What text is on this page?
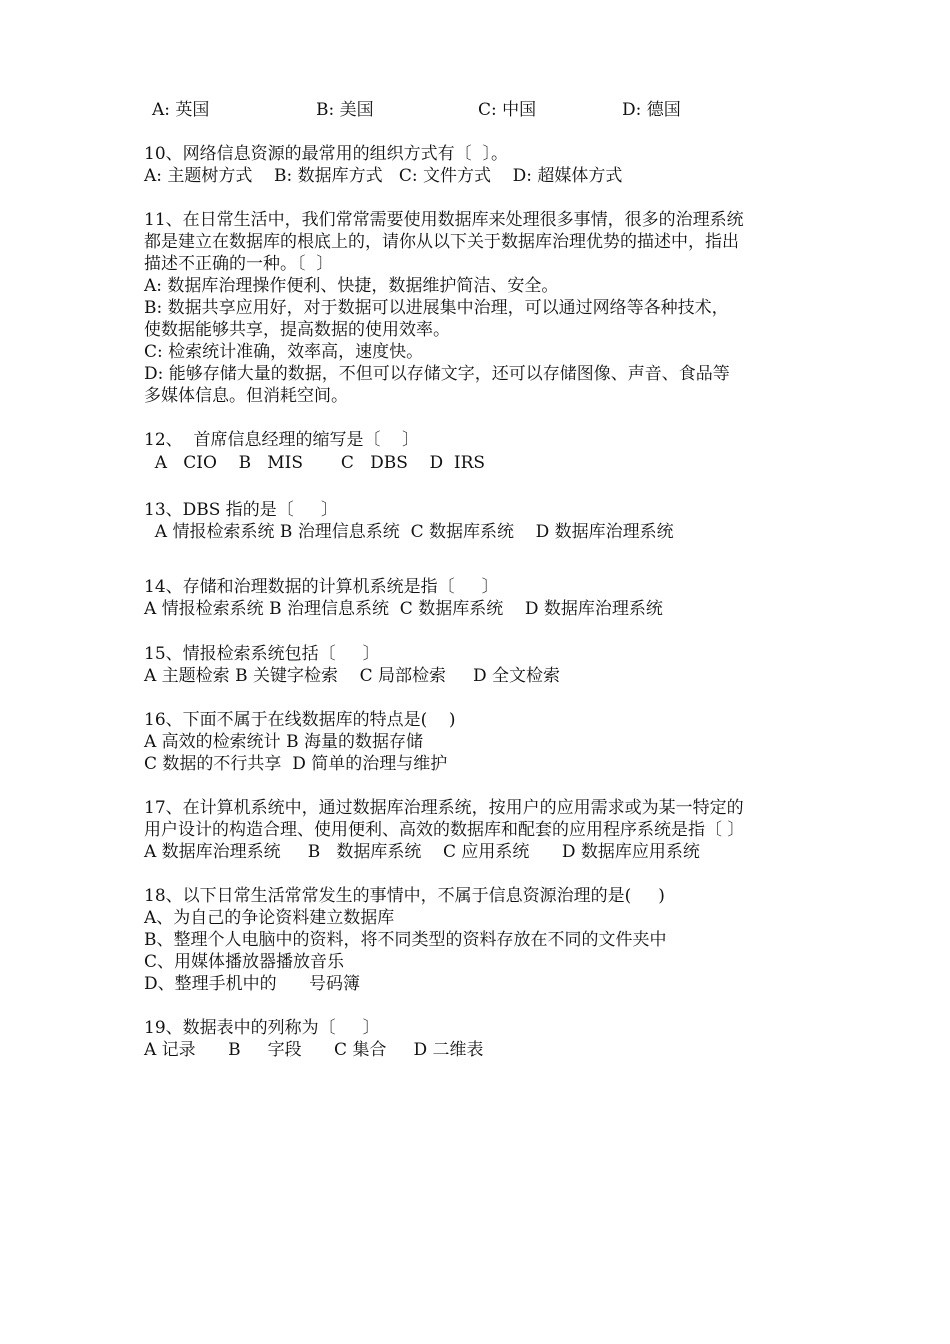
A: 英国	B: 美国	C: 中国	D: 德国
10、网络信息资源的最常用的组织方式有〔  〕。
A: 主题树方式    B: 数据库方式   C: 文件方式    D: 超媒体方式
11、在日常生活中，我们常常需要使用数据库来处理很多事情，很多的治理系统
都是建立在数据库的根底上的，请你从以下关于数据库治理优势的描述中，指出
描述不正确的一种。〔  〕
A: 数据库治理操作便利、快捷，数据维护简洁、安全。
B: 数据共享应用好，对于数据可以进展集中治理，可以通过网络等各种技术，
使数据能够共享，提高数据的使用效率。
C: 检索统计准确，效率高，速度快。
D: 能够存储大量的数据，不但可以存储文字，还可以存储图像、声音、食品等
多媒体信息。但消耗空间。
12、  首席信息经理的缩写是〔    〕
A   CIO    B   MIS       C   DBS    D  IRS
13、DBS 指的是〔     〕
A 情报检索系统 B 治理信息系统  C 数据库系统    D 数据库治理系统
14、存储和治理数据的计算机系统是指〔     〕
A 情报检索系统 B 治理信息系统  C 数据库系统    D 数据库治理系统
15、情报检索系统包括〔     〕
A 主题检索 B 关键字检索    C 局部检索     D 全文检索
16、下面不属于在线数据库的特点是(    )
A 高效的检索统计 B 海量的数据存储
C 数据的不行共享  D 简单的治理与维护
17、在计算机系统中，通过数据库治理系统，按用户的应用需求或为某一特定的
用户设计的构造合理、使用便利、高效的数据库和配套的应用程序系统是指〔 〕
A 数据库治理系统     B   数据库系统    C 应用系统      D 数据库应用系统
18、以下日常生活常常发生的事情中，不属于信息资源治理的是(     )
A、为自己的争论资料建立数据库
B、整理个人电脑中的资料，将不同类型的资料存放在不同的文件夹中
C、用媒体播放器播放音乐
D、整理手机中的      号码簿
19、数据表中的列称为〔     〕
A 记录      B     字段      C 集合     D 二维表
